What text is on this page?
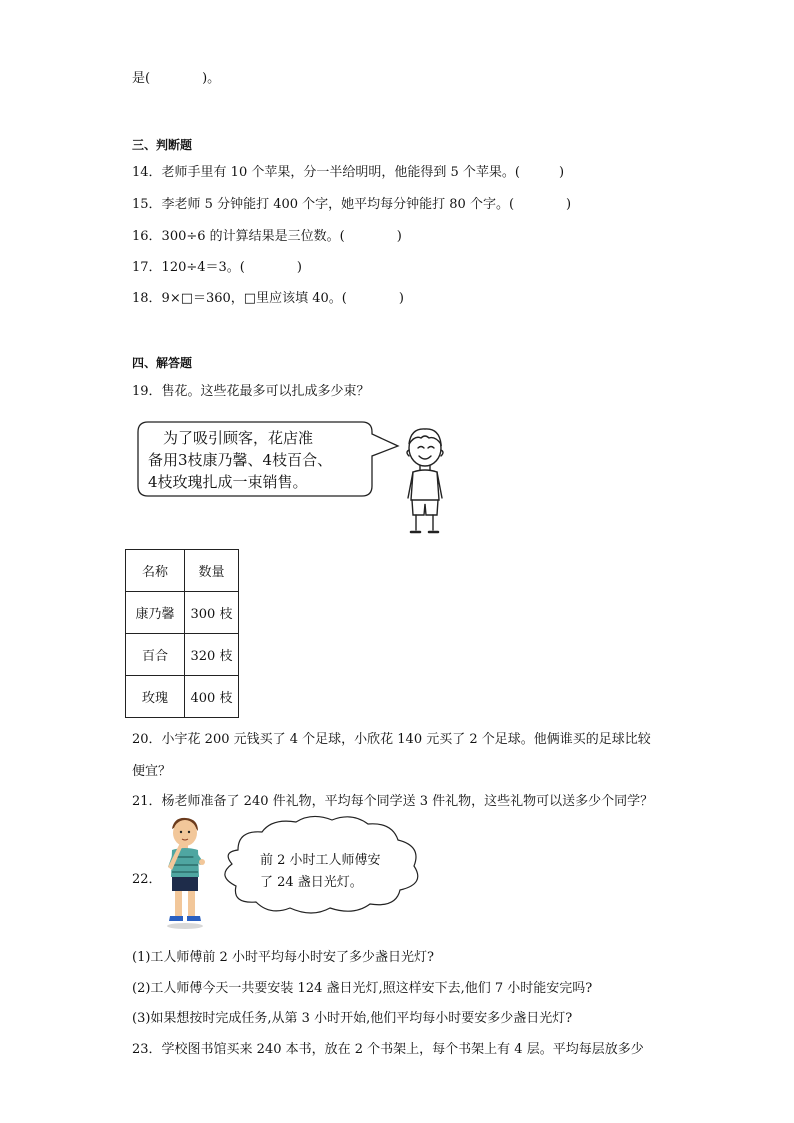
是(　　　　)。
三、判断题
14．老师手里有 10 个苹果，分一半给明明，他能得到 5 个苹果。(　　　)
15．李老师 5 分钟能打 400 个字，她平均每分钟能打 80 个字。(　　　　)
16．300÷6 的计算结果是三位数。(　　　　)
17．120÷4＝3。(　　　　)
18．9×□＝360，□里应该填 40。(　　　　)
四、解答题
19．售花。这些花最多可以扎成多少束？
　为了吸引顾客，花店准
备用3枝康乃馨、4枝百合、
4枝玫瑰扎成一束销售。
名称	数量
康乃馨	300 枝
百合	320 枝
玫瑰	400 枝
20．小宇花 200 元钱买了 4 个足球，小欣花 140 元买了 2 个足球。他俩谁买的足球比较
便宜？
21．杨老师准备了 240 件礼物，平均每个同学送 3 件礼物，这些礼物可以送多少个同学？
22．
前 2 小时工人师傅安
了 24 盏日光灯。
(1)工人师傅前 2 小时平均每小时安了多少盏日光灯?
(2)工人师傅今天一共要安装 124 盏日光灯,照这样安下去,他们 7 小时能安完吗?
(3)如果想按时完成任务,从第 3 小时开始,他们平均每小时要安多少盏日光灯?
23．学校图书馆买来 240 本书，放在 2 个书架上，每个书架上有 4 层。平均每层放多少
